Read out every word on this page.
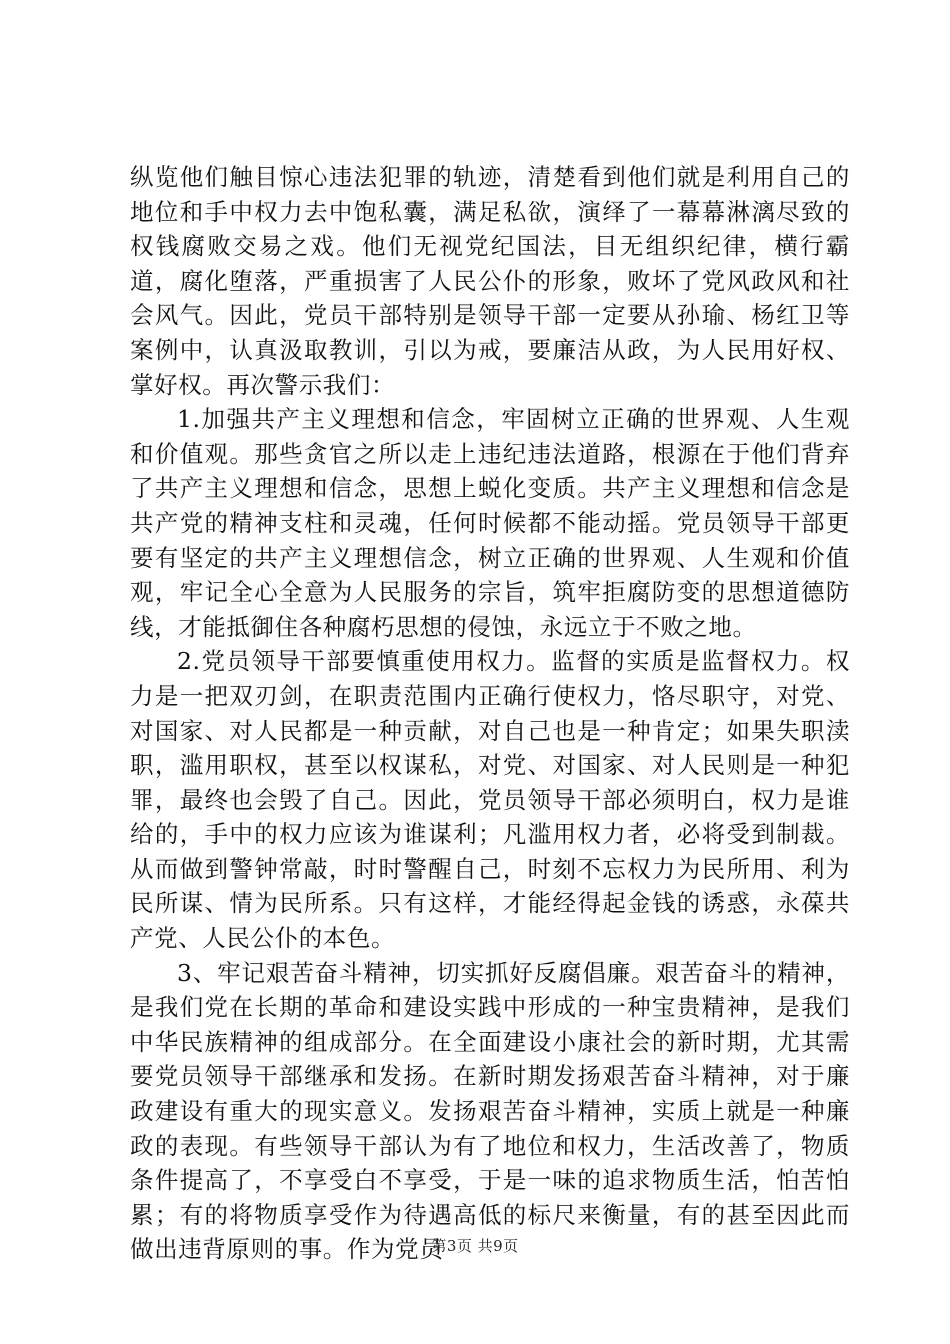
纵览他们触目惊心违法犯罪的轨迹，清楚看到他们就是利用自己的地位和手中权力去中饱私囊，满足私欲，演绎了一幕幕淋漓尽致的权钱腐败交易之戏。他们无视党纪国法，目无组织纪律，横行霸道，腐化堕落，严重损害了人民公仆的形象，败坏了党风政风和社会风气。因此，党员干部特别是领导干部一定要从孙瑜、杨红卫等案例中，认真汲取教训，引以为戒，要廉洁从政，为人民用好权、掌好权。再次警示我们：

1.加强共产主义理想和信念，牢固树立正确的世界观、人生观和价值观。那些贪官之所以走上违纪违法道路，根源在于他们背弃了共产主义理想和信念，思想上蜕化变质。共产主义理想和信念是共产党的精神支柱和灵魂，任何时候都不能动摇。党员领导干部更要有坚定的共产主义理想信念，树立正确的世界观、人生观和价值观，牢记全心全意为人民服务的宗旨，筑牢拒腐防变的思想道德防线，才能抵御住各种腐朽思想的侵蚀，永远立于不败之地。

2.党员领导干部要慎重使用权力。监督的实质是监督权力。权力是一把双刃剑，在职责范围内正确行使权力，恪尽职守，对党、对国家、对人民都是一种贡献，对自己也是一种肯定；如果失职渎职，滥用职权，甚至以权谋私，对党、对国家、对人民则是一种犯罪，最终也会毁了自己。因此，党员领导干部必须明白，权力是谁给的，手中的权力应该为谁谋利；凡滥用权力者，必将受到制裁。从而做到警钟常敲，时时警醒自己，时刻不忘权力为民所用、利为民所谋、情为民所系。只有这样，才能经得起金钱的诱惑，永葆共产党、人民公仆的本色。

3、牢记艰苦奋斗精神，切实抓好反腐倡廉。艰苦奋斗的精神，是我们党在长期的革命和建设实践中形成的一种宝贵精神，是我们中华民族精神的组成部分。在全面建设小康社会的新时期，尤其需要党员领导干部继承和发扬。在新时期发扬艰苦奋斗精神，对于廉政建设有重大的现实意义。发扬艰苦奋斗精神，实质上就是一种廉政的表现。有些领导干部认为有了地位和权力，生活改善了，物质条件提高了，不享受白不享受，于是一味的追求物质生活，怕苦怕累；有的将物质享受作为待遇高低的标尺来衡量，有的甚至因此而做出违背原则的事。作为党员

第3页 共9页
